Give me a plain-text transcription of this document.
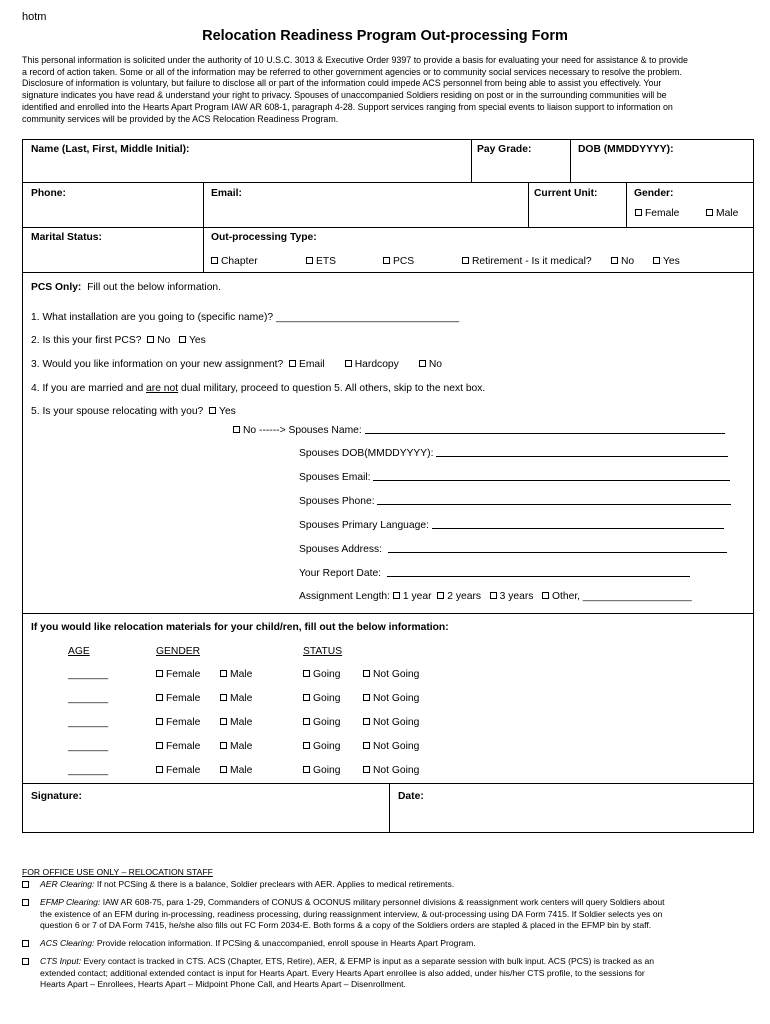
hotm
Relocation Readiness Program Out-processing Form
This personal information is solicited under the authority of 10 U.S.C. 3013 & Executive Order 9397 to provide a basis for evaluating your need for assistance & to provide
a record of action taken. Some or all of the information may be referred to other government agencies or to community social services necessary to resolve the problem.
Disclosure of information is voluntary, but failure to disclose all or part of the information could impede ACS personnel from being able to assist you effectively. Your
signature indicates you have read & understand your right to privacy. Spouses of unaccompanied Soldiers residing on post or in the surrounding communities will be
identified and enrolled into the Hearts Apart Program IAW AR 608-1, paragraph 4-28. Support services ranging from special events to liaison support to information on
community services will be provided by the ACS Relocation Readiness Program.
Name (Last, First, Middle Initial):	Pay Grade:	DOB (MMDDYYYY):
Phone:	Email:	Current Unit:	Gender:
Female	Male
Marital Status:	Out-processing Type:
Chapter	ETS	PCS	Retirement - Is it medical?	No	Yes
PCS Only: Fill out the below information.
1. What installation are you going to (specific name)? ________________________________
2. Is this your first PCS? No Yes
3. Would you like information on your new assignment? Email	Hardcopy	No
4. If you are married and are not dual military, proceed to question 5. All others, skip to the next box.
5. Is your spouse relocating with you? Yes
No ------> Spouses Name:
Spouses DOB(MMDDYYYY):
Spouses Email:
Spouses Phone:
Spouses Primary Language:
Spouses Address:
Your Report Date:
Assignment Length: 1 year 2 years 3 years Other, ___________________
If you would like relocation materials for your child/ren, fill out the below information:
AGE	GENDER	STATUS
_______	Female	Male	Going	Not Going
_______	Female	Male	Going	Not Going
_______	Female	Male	Going	Not Going
_______	Female	Male	Going	Not Going
_______	Female	Male	Going	Not Going
Signature:	Date:
FOR OFFICE USE ONLY – RELOCATION STAFF
AER Clearing: If not PCSing & there is a balance, Soldier preclears with AER. Applies to medical retirements.
EFMP Clearing: IAW AR 608-75, para 1-29, Commanders of CONUS & OCONUS military personnel divisions & reassignment work centers will query Soldiers about
the existence of an EFM during in-processing, readiness processing, during reassignment interview, & out-processing using DA Form 7415. If Soldier selects yes on
question 6 or 7 of DA Form 7415, he/she also fills out FC Form 2034-E. Both forms & a copy of the Soldiers orders are stapled & placed in the EFMP bin by staff.
ACS Clearing: Provide relocation information. If PCSing & unaccompanied, enroll spouse in Hearts Apart Program.
CTS Input: Every contact is tracked in CTS. ACS (Chapter, ETS, Retire), AER, & EFMP is input as a separate session with bulk input. ACS (PCS) is tracked as an
extended contact; additional extended contact is input for Hearts Apart. Every Hearts Apart enrollee is also added, under his/her CTS profile, to the sessions for
Hearts Apart – Enrollees, Hearts Apart – Midpoint Phone Call, and Hearts Apart – Disenrollment.
